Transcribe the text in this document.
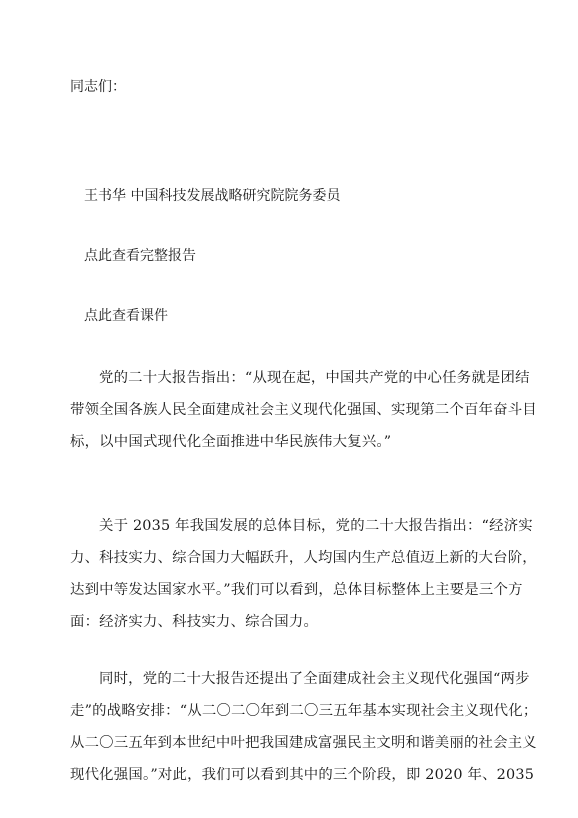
同志们：

王书华 中国科技发展战略研究院院务委员

点此查看完整报告

点此查看课件

党的二十大报告指出：“从现在起，中国共产党的中心任务就是团结
带领全国各族人民全面建成社会主义现代化强国、实现第二个百年奋斗目
标，以中国式现代化全面推进中华民族伟大复兴。”
关于 2035 年我国发展的总体目标，党的二十大报告指出：“经济实
力、科技实力、综合国力大幅跃升，人均国内生产总值迈上新的大台阶，
达到中等发达国家水平。”我们可以看到，总体目标整体上主要是三个方
面：经济实力、科技实力、综合国力。
同时，党的二十大报告还提出了全面建成社会主义现代化强国“两步
走”的战略安排：“从二〇二〇年到二〇三五年基本实现社会主义现代化；
从二〇三五年到本世纪中叶把我国建成富强民主文明和谐美丽的社会主义
现代化强国。”对此，我们可以看到其中的三个阶段，即 2020 年、2035
